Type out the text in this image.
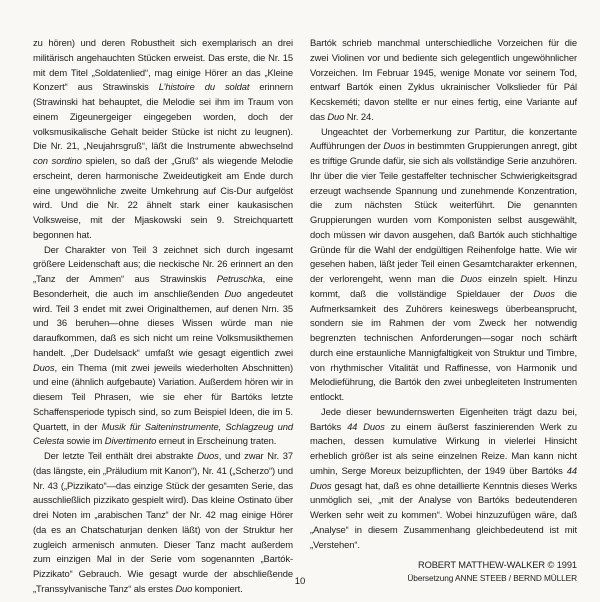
zu hören) und deren Robustheit sich exemplarisch an drei militärisch angehauchten Stücken erweist. Das erste, die Nr. 15 mit dem Titel „Soldatenlied“, mag einige Hörer an das „Kleine Konzert“ aus Strawinskis L’histoire du soldat erinnern (Strawinski hat behauptet, die Melodie sei ihm im Traum von einem Zigeunergeiger eingegeben worden, doch der volksmusikalische Gehalt beider Stücke ist nicht zu leugnen). Die Nr. 21, „Neujahrsgruß“, läßt die Instrumente abwechselnd con sordino spielen, so daß der „Gruß“ als wiegende Melodie erscheint, deren harmonische Zweideutigkeit am Ende durch eine ungewöhnliche zweite Umkehrung auf Cis-Dur aufgelöst wird. Und die Nr. 22 ähnelt stark einer kaukasischen Volksweise, mit der Mjaskowski sein 9. Streichquartett begonnen hat.

Der Charakter von Teil 3 zeichnet sich durch ingesamt größere Leidenschaft aus; die neckische Nr. 26 erinnert an den „Tanz der Ammen“ aus Strawinskis Petruschka, eine Besonderheit, die auch im anschließenden Duo angedeutet wird. Teil 3 endet mit zwei Originalthemen, auf denen Nrn. 35 und 36 beruhen—ohne dieses Wissen würde man nie daraufkommen, daß es sich nicht um reine Volksmusikthemen handelt. „Der Dudelsack“ umfaßt wie gesagt eigentlich zwei Duos, ein Thema (mit zwei jeweils wiederholten Abschnitten) und eine (ähnlich aufgebaute) Variation. Außerdem hören wir in diesem Teil Phrasen, wie sie eher für Bartóks letzte Schaffensperiode typisch sind, so zum Beispiel Ideen, die im 5. Quartett, in der Musik für Saiteninstrumente, Schlagzeug und Celesta sowie im Divertimento erneut in Erscheinung traten.

Der letzte Teil enthält drei abstrakte Duos, und zwar Nr. 37 (das längste, ein „Präludium mit Kanon“), Nr. 41 („Scherzo“) und Nr. 43 („Pizzikato“—das einzige Stück der gesamten Serie, das ausschließlich pizzikato gespielt wird). Das kleine Ostinato über drei Noten im „arabischen Tanz“ der Nr. 42 mag einige Hörer (da es an Chatschaturjan denken läßt) von der Struktur her zugleich armenisch anmuten. Dieser Tanz macht außerdem zum einzigen Mal in der Serie vom sogenannten „Bartók-Pizzikato“ Gebrauch. Wie gesagt wurde der abschließende „Transsylvanische Tanz“ als erstes Duo komponiert.

Bartók schrieb manchmal unterschiedliche Vorzeichen für die zwei Violinen vor und bediente sich gelegentlich ungewöhnlicher Vorzeichen. Im Februar 1945, wenige Monate vor seinem Tod, entwarf Bartók einen Zyklus ukrainischer Volkslieder für Pál Kecskeméti; davon stellte er nur eines fertig, eine Variante auf das Duo Nr. 24.

Ungeachtet der Vorbemerkung zur Partitur, die konzertante Aufführungen der Duos in bestimmten Gruppierungen anregt, gibt es triftige Grunde dafür, sie sich als vollständige Serie anzuhören. Ihr über die vier Teile gestaffelter technischer Schwierigkeitsgrad erzeugt wachsende Spannung und zunehmende Konzentration, die zum nächsten Stück weiterführt. Die genannten Gruppierungen wurden vom Komponisten selbst ausgewählt, doch müssen wir davon ausgehen, daß Bartók auch stichhaltige Gründe für die Wahl der endgültigen Reihenfolge hatte. Wie wir gesehen haben, läßt jeder Teil einen Gesamtcharakter erkennen, der verlorengeht, wenn man die Duos einzeln spielt. Hinzu kommt, daß die vollständige Spieldauer der Duos die Aufmerksamkeit des Zuhörers keineswegs überbeansprucht, sondern sie im Rahmen der vom Zweck her notwendig begrenzten technischen Anforderungen—sogar noch schärft durch eine erstaunliche Mannigfaltigkeit von Struktur und Timbre, von rhythmischer Vitalität und Raffinesse, von Harmonik und Melodieführung, die Bartók den zwei unbegleiteten Instrumenten entlockt.

Jede dieser bewundernswerten Eigenheiten trägt dazu bei, Bartóks 44 Duos zu einem äußerst faszinierenden Werk zu machen, dessen kumulative Wirkung in vielerlei Hinsicht erheblich größer ist als seine einzelnen Reize. Man kann nicht umhin, Serge Moreux beizupflichten, der 1949 über Bartóks 44 Duos gesagt hat, daß es ohne detaillierte Kenntnis dieses Werks unmöglich sei, „mit der Analyse von Bartóks bedeutenderen Werken sehr weit zu kommen“. Wobei hinzuzufügen wäre, daß „Analyse“ in diesem Zusammenhang gleichbedeutend ist mit „Verstehen“.

ROBERT MATTHEW-WALKER © 1991
Übersetzung ANNE STEEB / BERND MÜLLER
10
